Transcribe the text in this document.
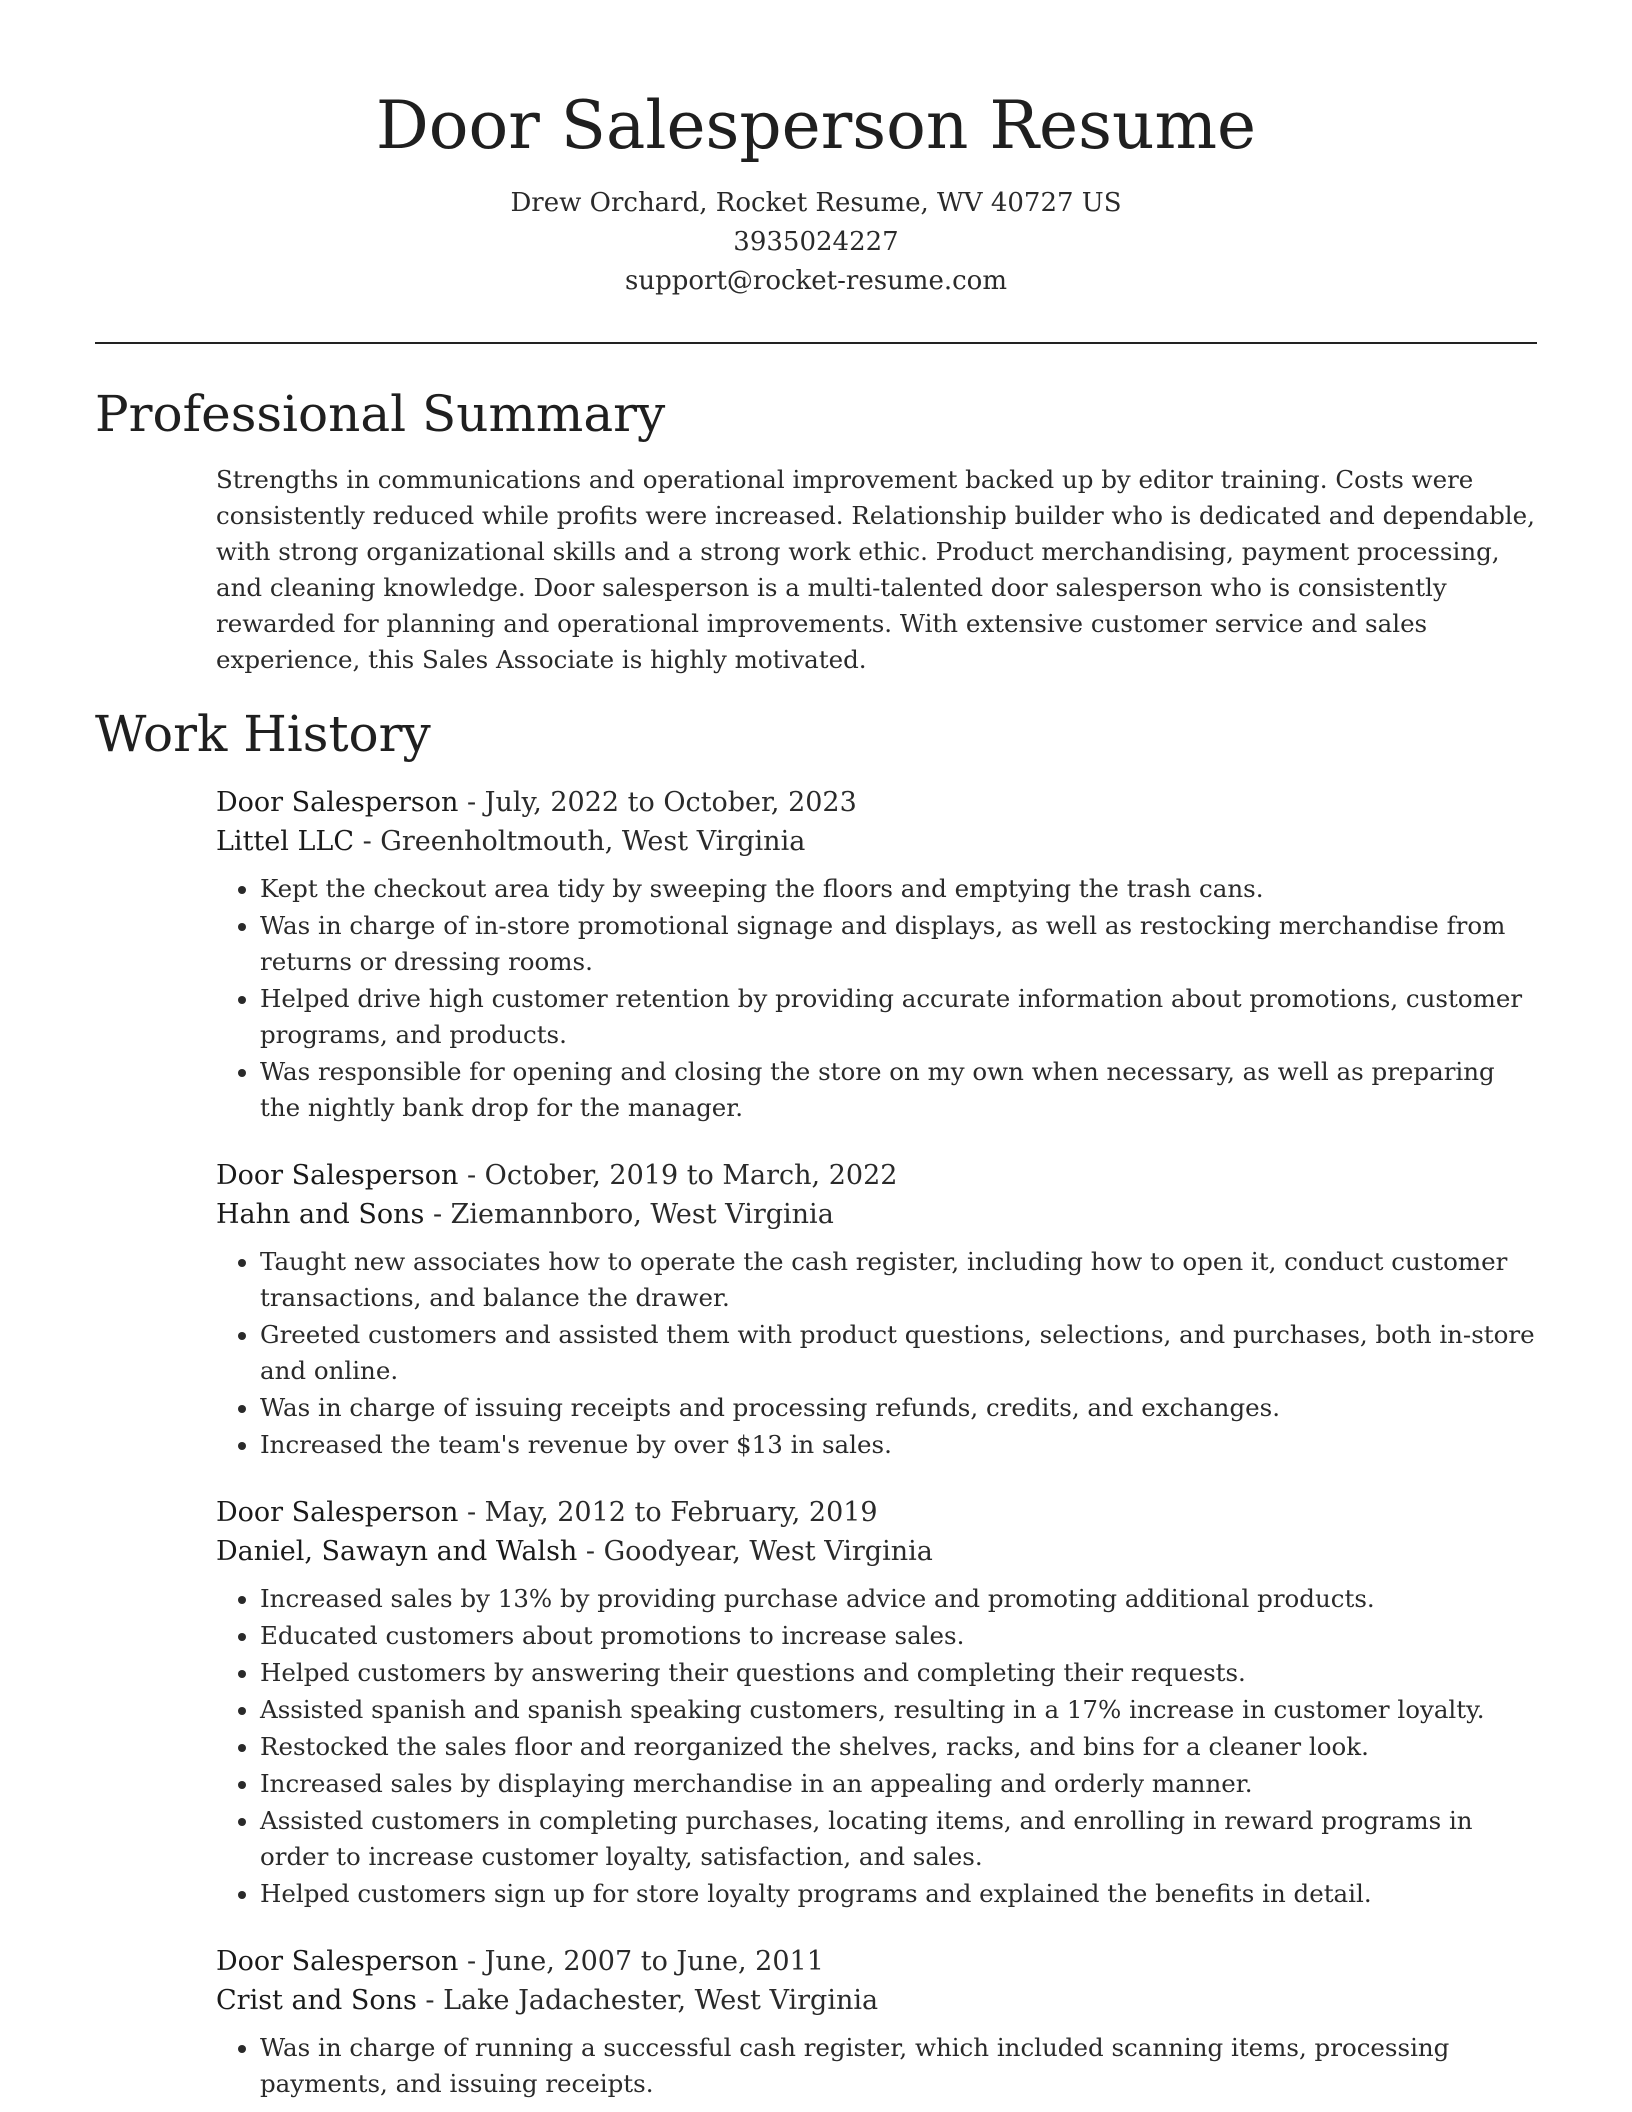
Door Salesperson Resume
Drew Orchard, Rocket Resume, WV 40727 US
3935024227
support@rocket-resume.com
Professional Summary

Strengths in communications and operational improvement backed up by editor training. Costs were consistently reduced while profits were increased. Relationship builder who is dedicated and dependable, with strong organizational skills and a strong work ethic. Product merchandising, payment processing, and cleaning knowledge. Door salesperson is a multi-talented door salesperson who is consistently rewarded for planning and operational improvements. With extensive customer service and sales experience, this Sales Associate is highly motivated.

Work History
Door Salesperson - July, 2022 to October, 2023
Littel LLC - Greenholtmouth, West Virginia
• Kept the checkout area tidy by sweeping the floors and emptying the trash cans.
• Was in charge of in-store promotional signage and displays, as well as restocking merchandise from returns or dressing rooms.
• Helped drive high customer retention by providing accurate information about promotions, customer programs, and products.
• Was responsible for opening and closing the store on my own when necessary, as well as preparing the nightly bank drop for the manager.
Door Salesperson - October, 2019 to March, 2022
Hahn and Sons - Ziemannboro, West Virginia
• Taught new associates how to operate the cash register, including how to open it, conduct customer transactions, and balance the drawer.
• Greeted customers and assisted them with product questions, selections, and purchases, both in-store and online.
• Was in charge of issuing receipts and processing refunds, credits, and exchanges.
• Increased the team's revenue by over $13 in sales.
Door Salesperson - May, 2012 to February, 2019
Daniel, Sawayn and Walsh - Goodyear, West Virginia
• Increased sales by 13% by providing purchase advice and promoting additional products.
• Educated customers about promotions to increase sales.
• Helped customers by answering their questions and completing their requests.
• Assisted spanish and spanish speaking customers, resulting in a 17% increase in customer loyalty.
• Restocked the sales floor and reorganized the shelves, racks, and bins for a cleaner look.
• Increased sales by displaying merchandise in an appealing and orderly manner.
• Assisted customers in completing purchases, locating items, and enrolling in reward programs in order to increase customer loyalty, satisfaction, and sales.
• Helped customers sign up for store loyalty programs and explained the benefits in detail.
Door Salesperson - June, 2007 to June, 2011
Crist and Sons - Lake Jadachester, West Virginia
• Was in charge of running a successful cash register, which included scanning items, processing payments, and issuing receipts.
